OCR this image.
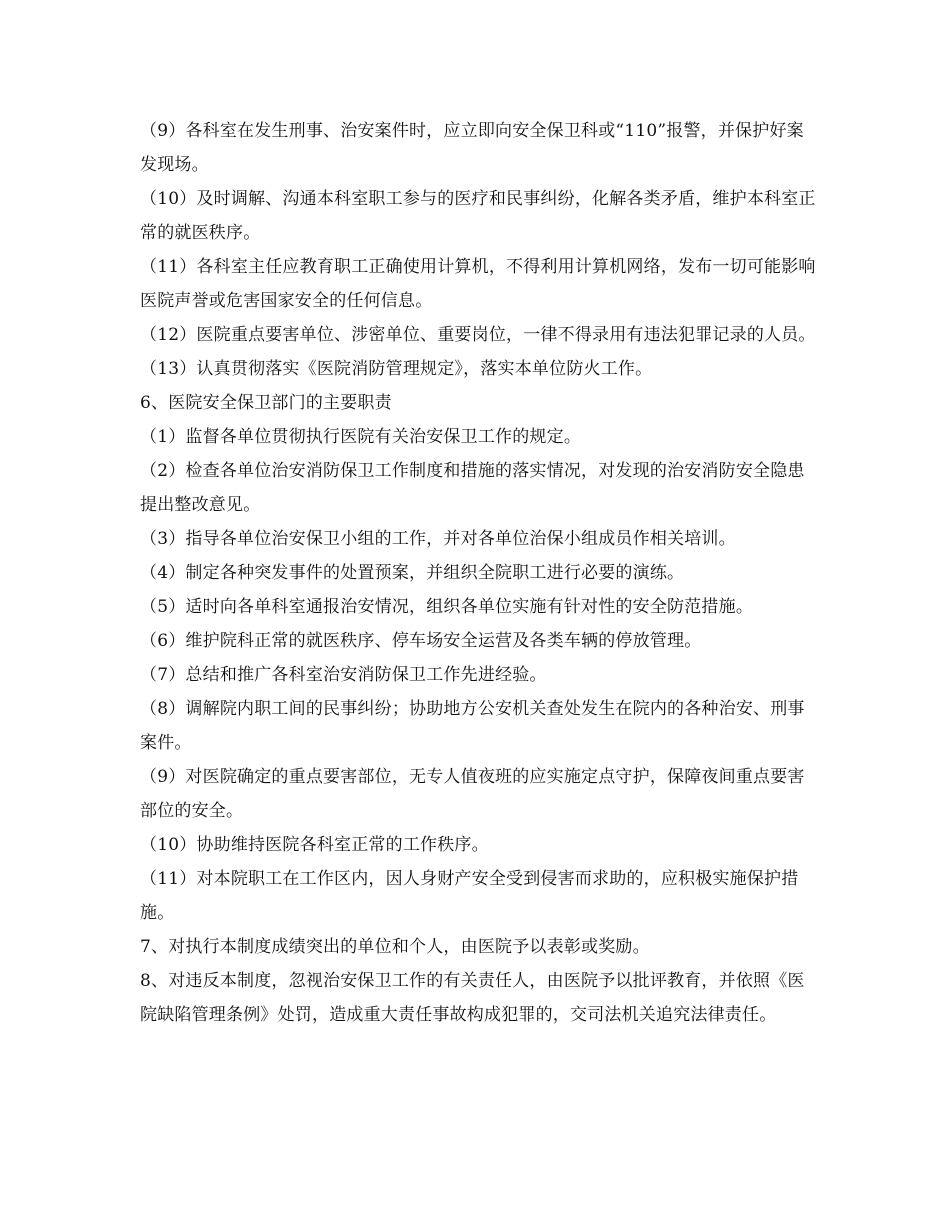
（9）各科室在发生刑事、治安案件时，应立即向安全保卫科或“110”报警，并保护好案发现场。

（10）及时调解、沟通本科室职工参与的医疗和民事纠纷，化解各类矛盾，维护本科室正常的就医秩序。

（11）各科室主任应教育职工正确使用计算机，不得利用计算机网络，发布一切可能影响医院声誉或危害国家安全的任何信息。

（12）医院重点要害单位、涉密单位、重要岗位，一律不得录用有违法犯罪记录的人员。

（13）认真贯彻落实《医院消防管理规定》，落实本单位防火工作。

6、医院安全保卫部门的主要职责

（1）监督各单位贯彻执行医院有关治安保卫工作的规定。

（2）检查各单位治安消防保卫工作制度和措施的落实情况，对发现的治安消防安全隐患提出整改意见。

（3）指导各单位治安保卫小组的工作，并对各单位治保小组成员作相关培训。

（4）制定各种突发事件的处置预案，并组织全院职工进行必要的演练。

（5）适时向各单科室通报治安情况，组织各单位实施有针对性的安全防范措施。

（6）维护院科正常的就医秩序、停车场安全运营及各类车辆的停放管理。

（7）总结和推广各科室治安消防保卫工作先进经验。

（8）调解院内职工间的民事纠纷；协助地方公安机关查处发生在院内的各种治安、刑事案件。

（9）对医院确定的重点要害部位，无专人值夜班的应实施定点守护，保障夜间重点要害部位的安全。

（10）协助维持医院各科室正常的工作秩序。

（11）对本院职工在工作区内，因人身财产安全受到侵害而求助的，应积极实施保护措施。

7、对执行本制度成绩突出的单位和个人，由医院予以表彰或奖励。

8、对违反本制度，忽视治安保卫工作的有关责任人，由医院予以批评教育，并依照《医院缺陷管理条例》处罚，造成重大责任事故构成犯罪的，交司法机关追究法律责任。
